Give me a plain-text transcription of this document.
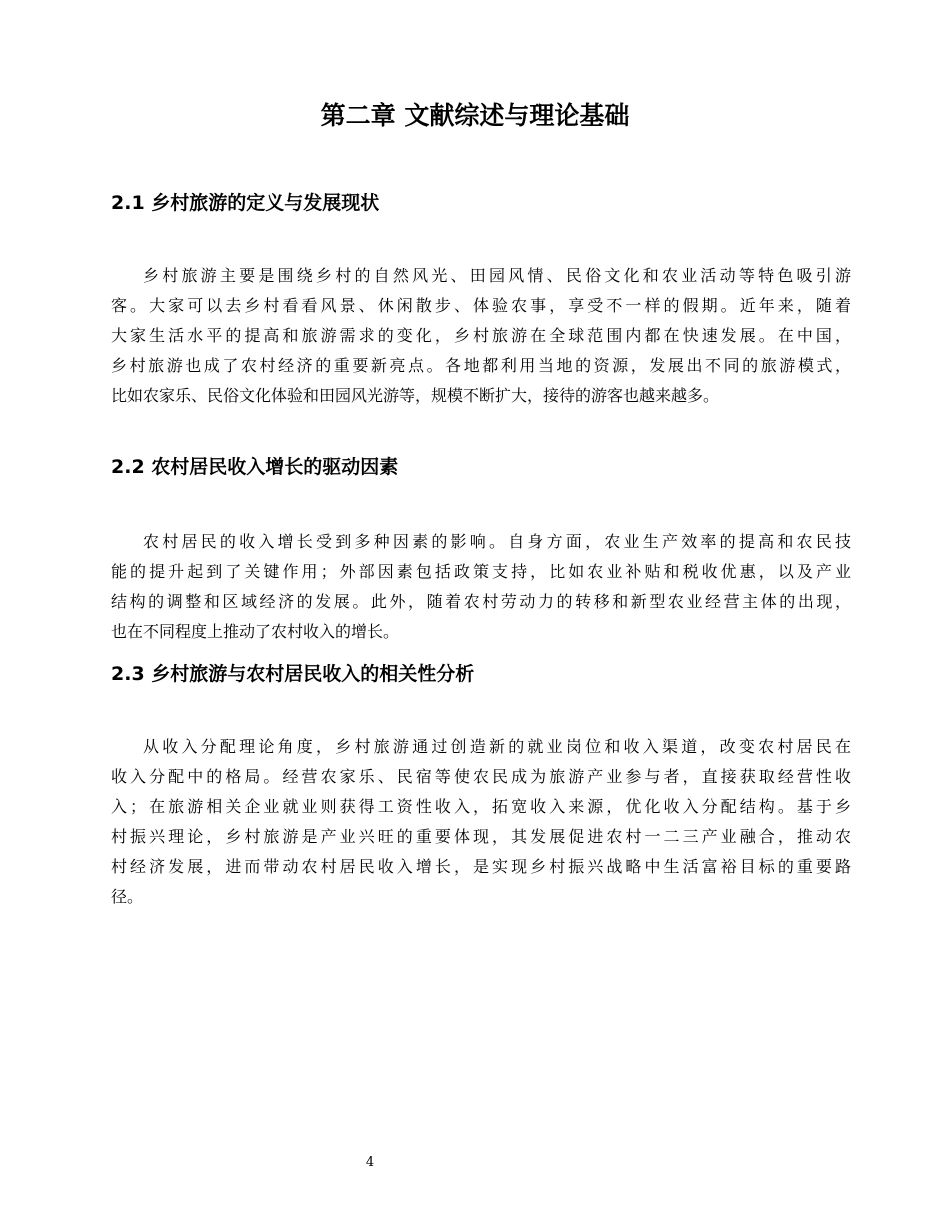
第二章 文献综述与理论基础
2.1 乡村旅游的定义与发展现状
乡村旅游主要是围绕乡村的自然风光、田园风情、民俗文化和农业活动等特色吸引游
客。大家可以去乡村看看风景、休闲散步、体验农事，享受不一样的假期。近年来，随着
大家生活水平的提高和旅游需求的变化，乡村旅游在全球范围内都在快速发展。在中国，
乡村旅游也成了农村经济的重要新亮点。各地都利用当地的资源，发展出不同的旅游模式，
比如农家乐、民俗文化体验和田园风光游等，规模不断扩大，接待的游客也越来越多。
2.2 农村居民收入增长的驱动因素
农村居民的收入增长受到多种因素的影响。自身方面，农业生产效率的提高和农民技
能的提升起到了关键作用；外部因素包括政策支持，比如农业补贴和税收优惠，以及产业
结构的调整和区域经济的发展。此外，随着农村劳动力的转移和新型农业经营主体的出现，
也在不同程度上推动了农村收入的增长。
2.3 乡村旅游与农村居民收入的相关性分析
从收入分配理论角度，乡村旅游通过创造新的就业岗位和收入渠道，改变农村居民在
收入分配中的格局。经营农家乐、民宿等使农民成为旅游产业参与者，直接获取经营性收
入；在旅游相关企业就业则获得工资性收入，拓宽收入来源，优化收入分配结构。基于乡
村振兴理论，乡村旅游是产业兴旺的重要体现，其发展促进农村一二三产业融合，推动农
村经济发展，进而带动农村居民收入增长，是实现乡村振兴战略中生活富裕目标的重要路
径。
4
